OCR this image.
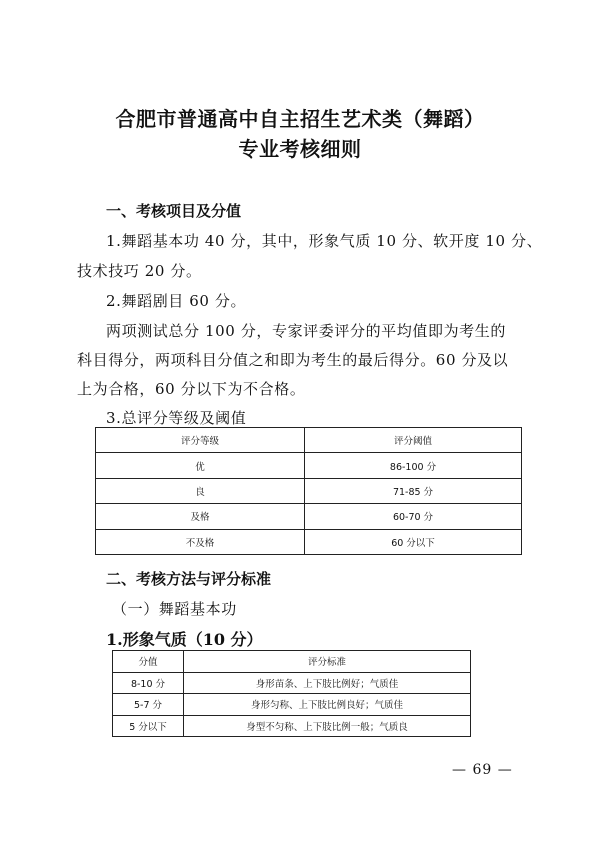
合肥市普通高中自主招生艺术类（舞蹈）
专业考核细则
一、考核项目及分值
1.舞蹈基本功 40 分，其中，形象气质 10 分、软开度 10 分、
技术技巧 20 分。
2.舞蹈剧目 60 分。
两项测试总分 100 分，专家评委评分的平均值即为考生的
科目得分，两项科目分值之和即为考生的最后得分。60 分及以
上为合格，60 分以下为不合格。
3.总评分等级及阈值
评分等级	评分阈值
优	86-100 分
良	71-85 分
及格	60-70 分
不及格	60 分以下
二、考核方法与评分标准
（一）舞蹈基本功
1.形象气质（10 分）
分值	评分标准
8-10 分	身形苗条、上下肢比例好；气质佳
5-7 分	身形匀称、上下肢比例良好；气质佳
5 分以下	身型不匀称、上下肢比例一般；气质良
— 69 —
